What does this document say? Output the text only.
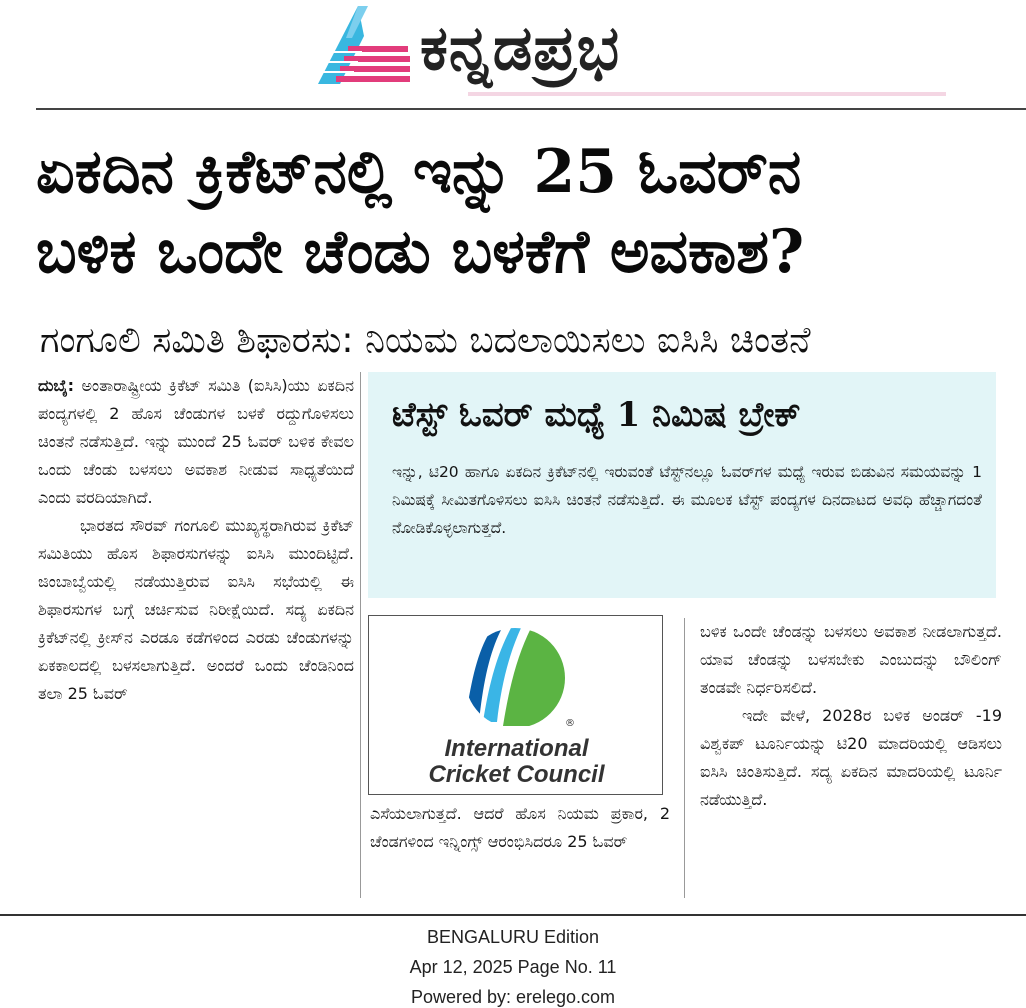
ಕನ್ನಡಪ್ರಭ
ಏಕದಿನ ಕ್ರಿಕೆಟ್‌ನಲ್ಲಿ ಇನ್ನು 25 ಓವರ್‌ನ
ಬಳಿಕ ಒಂದೇ ಚೆಂಡು ಬಳಕೆಗೆ ಅವಕಾಶ?
ಗಂಗೂಲಿ ಸಮಿತಿ ಶಿಫಾರಸು: ನಿಯಮ ಬದಲಾಯಿಸಲು ಐಸಿಸಿ ಚಿಂತನೆ

ದುಬೈ: ಅಂತಾರಾಷ್ಟ್ರೀಯ ಕ್ರಿಕೆಟ್ ಸಮಿತಿ (ಐಸಿಸಿ)ಯು ಏಕದಿನ ಪಂದ್ಯಗಳಲ್ಲಿ 2 ಹೊಸ ಚೆಂಡುಗಳ ಬಳಕೆ ರದ್ದುಗೊಳಿಸಲು ಚಿಂತನೆ ನಡೆಸುತ್ತಿದೆ. ಇನ್ನು ಮುಂದೆ 25 ಓವರ್ ಬಳಿಕ ಕೇವಲ ಒಂದು ಚೆಂಡು ಬಳಸಲು ಅವಕಾಶ ನೀಡುವ ಸಾಧ್ಯತೆಯಿದೆ ಎಂದು ವರದಿಯಾಗಿದೆ.

ಭಾರತದ ಸೌರವ್ ಗಂಗೂಲಿ ಮುಖ್ಯಸ್ಥರಾಗಿರುವ ಕ್ರಿಕೆಟ್ ಸಮಿತಿಯು ಹೊಸ ಶಿಫಾರಸುಗಳನ್ನು ಐಸಿಸಿ ಮುಂದಿಟ್ಟಿದೆ. ಜಿಂಬಾಬ್ವೆಯಲ್ಲಿ ನಡೆಯುತ್ತಿರುವ ಐಸಿಸಿ ಸಭೆಯಲ್ಲಿ ಈ ಶಿಫಾರಸುಗಳ ಬಗ್ಗೆ ಚರ್ಚಿಸುವ ನಿರೀಕ್ಷೆಯಿದೆ. ಸದ್ಯ ಏಕದಿನ ಕ್ರಿಕೆಟ್‌ನಲ್ಲಿ ಕ್ರೀಸ್‌ನ ಎರಡೂ ಕಡೆಗಳಿಂದ ಎರಡು ಚೆಂಡುಗಳನ್ನು ಏಕಕಾಲದಲ್ಲಿ ಬಳಸಲಾಗುತ್ತಿದೆ. ಅಂದರೆ ಒಂದು ಚೆಂಡಿನಿಂದ ತಲಾ 25 ಓವರ್

ಟೆಸ್ಟ್ ಓವರ್ ಮಧ್ಯೆ 1 ನಿಮಿಷ ಬ್ರೇಕ್
ಇನ್ನು, ಟಿ20 ಹಾಗೂ ಏಕದಿನ ಕ್ರಿಕೆಟ್‌ನಲ್ಲಿ ಇರುವಂತೆ ಟೆಸ್ಟ್‌ನಲ್ಲೂ ಓವರ್‌ಗಳ ಮಧ್ಯೆ ಇರುವ ಬಿಡುವಿನ ಸಮಯವನ್ನು 1 ನಿಮಿಷಕ್ಕೆ ಸೀಮಿತಗೊಳಿಸಲು ಐಸಿಸಿ ಚಿಂತನೆ ನಡೆಸುತ್ತಿದೆ. ಈ ಮೂಲಕ ಟೆಸ್ಟ್ ಪಂದ್ಯಗಳ ದಿನದಾಟದ ಅವಧಿ ಹೆಚ್ಚಾಗದಂತೆ ನೋಡಿಕೊಳ್ಳಲಾಗುತ್ತದೆ.
®
International
Cricket Council

ಎಸೆಯಲಾಗುತ್ತದೆ. ಆದರೆ ಹೊಸ ನಿಯಮ ಪ್ರಕಾರ, 2 ಚೆಂಡಗಳಿಂದ ಇನ್ನಿಂಗ್ಸ್ ಆರಂಭಿಸಿದರೂ 25 ಓವರ್

ಬಳಿಕ ಒಂದೇ ಚೆಂಡನ್ನು ಬಳಸಲು ಅವಕಾಶ ನೀಡಲಾಗುತ್ತದೆ. ಯಾವ ಚೆಂಡನ್ನು ಬಳಸಬೇಕು ಎಂಬುದನ್ನು ಬೌಲಿಂಗ್ ತಂಡವೇ ನಿರ್ಧರಿಸಲಿದೆ.

ಇದೇ ವೇಳೆ, 2028ರ ಬಳಿಕ ಅಂಡರ್ -19 ವಿಶ್ವಕಪ್ ಟೂರ್ನಿಯನ್ನು ಟಿ20 ಮಾದರಿಯಲ್ಲಿ ಆಡಿಸಲು ಐಸಿಸಿ ಚಿಂತಿಸುತ್ತಿದೆ. ಸದ್ಯ ಏಕದಿನ ಮಾದರಿಯಲ್ಲಿ ಟೂರ್ನಿ ನಡೆಯುತ್ತಿದೆ.

BENGALURU Edition
Apr 12, 2025 Page No. 11
Powered by: erelego.com
